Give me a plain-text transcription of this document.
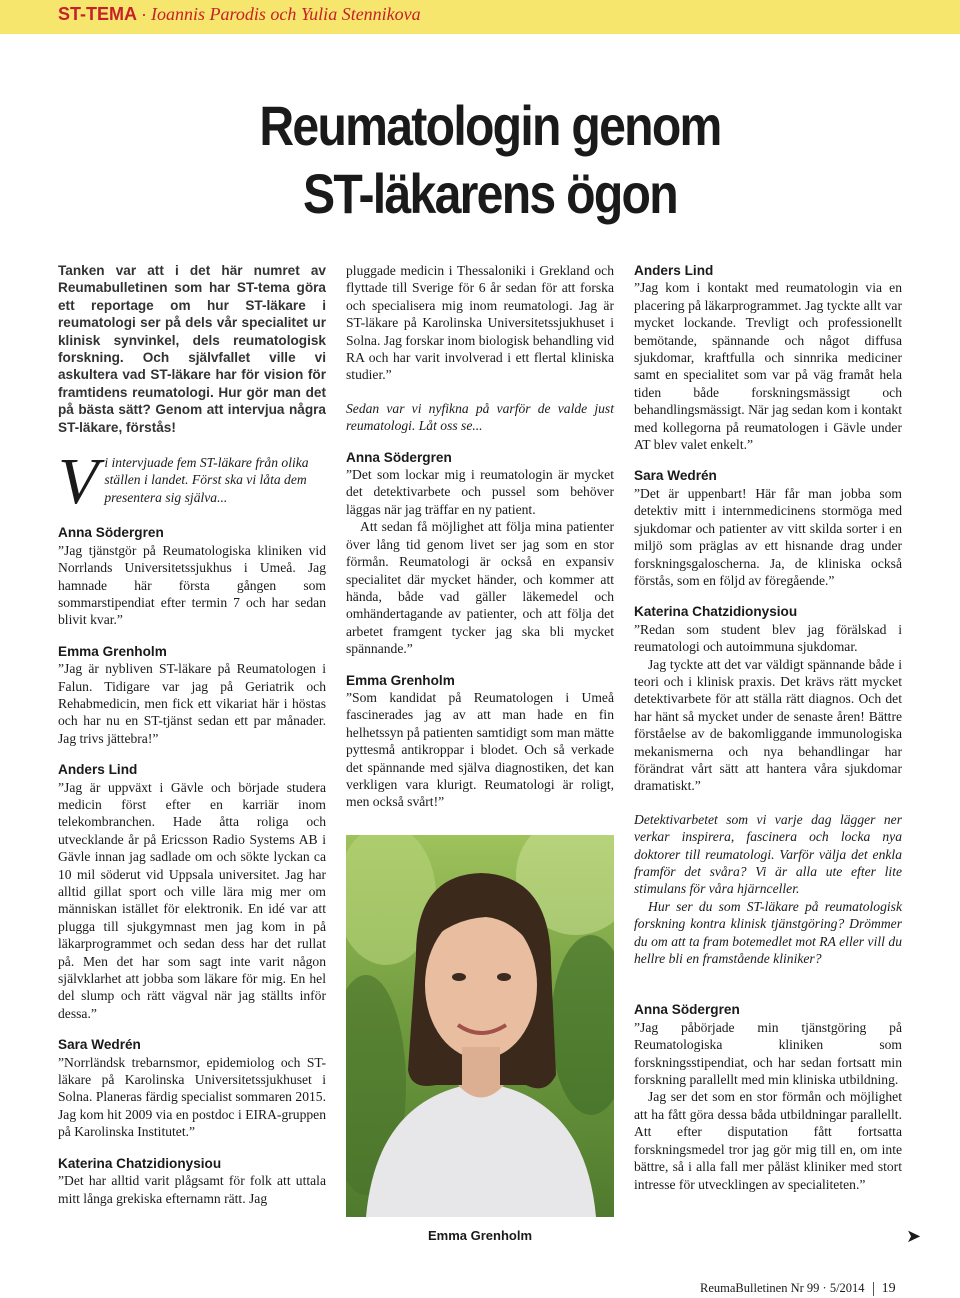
ST-TEMA · Ioannis Parodis och Yulia Stennikova
Reumatologin genom
ST-läkarens ögon

Tanken var att i det här numret av Reumabulletinen som har ST-tema göra ett reportage om hur ST-läkare i reumatologi ser på dels vår specialitet ur klinisk synvinkel, dels reumatologisk forskning. Och självfallet ville vi askultera vad ST-läkare har för vision för framtidens reumatologi. Hur gör man det på bästa sätt? Genom att intervjua några ST-läkare, förstås!

Vi intervjuade fem ST-läkare från olika ställen i landet. Först ska vi låta dem presentera sig själva...
Anna Södergren

”Jag tjänstgör på Reumatologiska kliniken vid Norrlands Universitetssjukhus i Umeå. Jag hamnade här första gången som sommarstipendiat efter termin 7 och har sedan blivit kvar.”

Emma Grenholm

”Jag är nybliven ST-läkare på Reumatologen i Falun. Tidigare var jag på Geriatrik och Rehabmedicin, men fick ett vikariat här i höstas och har nu en ST-tjänst sedan ett par månader. Jag trivs jättebra!”

Anders Lind

”Jag är uppväxt i Gävle och började studera medicin först efter en karriär inom telekombranchen. Hade åtta roliga och utvecklande år på Ericsson Radio Systems AB i Gävle innan jag sadlade om och sökte lyckan ca 10 mil söderut vid Uppsala universitet. Jag har alltid gillat sport och ville lära mig mer om människan istället för elektronik. En idé var att plugga till sjukgymnast men jag kom in på läkarprogrammet och sedan dess har det rullat på. Men det har som sagt inte varit någon självklarhet att jobba som läkare för mig. En hel del slump och rätt vägval när jag ställts inför dessa.”

Sara Wedrén

”Norrländsk trebarnsmor, epidemiolog och ST-läkare på Karolinska Universitetssjukhuset i Solna. Planeras färdig specialist sommaren 2015. Jag kom hit 2009 via en postdoc i EIRA-gruppen på Karolinska Institutet.”

Katerina Chatzidionysiou

”Det har alltid varit plågsamt för folk att uttala mitt långa grekiska efternamn rätt. Jag

pluggade medicin i Thessaloniki i Grekland och flyttade till Sverige för 6 år sedan för att forska och specialisera mig inom reumatologi. Jag är ST-läkare på Karolinska Universitetssjukhuset i Solna. Jag forskar inom biologisk behandling vid RA och har varit involverad i ett flertal kliniska studier.”

Sedan var vi nyfikna på varför de valde just reumatologi. Låt oss se...

Anna Södergren

”Det som lockar mig i reumatologin är mycket det detektivarbete och pussel som behöver läggas när jag träffar en ny patient.

Att sedan få möjlighet att följa mina patienter över lång tid genom livet ser jag som en stor förmån. Reumatologi är också en expansiv specialitet där mycket händer, och kommer att hända, både vad gäller läkemedel och omhändertagande av patienter, och att följa det arbetet framgent tycker jag ska bli mycket spännande.”

Emma Grenholm

”Som kandidat på Reumatologen i Umeå fascinerades jag av att man hade en fin helhetssyn på patienten samtidigt som man mätte pyttesmå antikroppar i blodet. Och så verkade det spännande med själva diagnostiken, det kan verkligen vara klurigt. Reumatologi är roligt, men också svårt!”

Emma Grenholm
Anders Lind

”Jag kom i kontakt med reumatologin via en placering på läkarprogrammet. Jag tyckte allt var mycket lockande. Trevligt och professionellt bemötande, spännande och något diffusa sjukdomar, kraftfulla och sinnrika mediciner samt en specialitet som var på väg framåt hela tiden både forskningsmässigt och behandlingsmässigt. När jag sedan kom i kontakt med kollegorna på reumatologen i Gävle under AT blev valet enkelt.”

Sara Wedrén

”Det är uppenbart! Här får man jobba som detektiv mitt i internmedicinens stormöga med sjukdomar och patienter av vitt skilda sorter i en miljö som präglas av ett hisnande drag under forskningsgaloscherna. Ja, de kliniska också förstås, som en följd av föregående.”

Katerina Chatzidionysiou

”Redan som student blev jag förälskad i reumatologi och autoimmuna sjukdomar.

Jag tyckte att det var väldigt spännande både i teori och i klinisk praxis. Det krävs rätt mycket detektivarbete för att ställa rätt diagnos. Och det har hänt så mycket under de senaste åren! Bättre förståelse av de bakomliggande immunologiska mekanismerna och nya behandlingar har förändrat vårt sätt att hantera våra sjukdomar dramatiskt.”

Detektivarbetet som vi varje dag lägger ner verkar inspirera, fascinera och locka nya doktorer till reumatologi. Varför välja det enkla framför det svåra? Vi är alla ute efter lite stimulans för våra hjärnceller.

Hur ser du som ST-läkare på reumatologisk forskning kontra klinisk tjänstgöring? Drömmer du om att ta fram botemedlet mot RA eller vill du hellre bli en framstående kliniker?

Anna Södergren

”Jag påbörjade min tjänstgöring på Reumatologiska kliniken som forskningsstipendiat, och har sedan fortsatt min forskning parallellt med min kliniska utbildning.

Jag ser det som en stor förmån och möjlighet att ha fått göra dessa båda utbildningar parallellt. Att efter disputation fått fortsatta forskningsmedel tror jag gör mig till en, om inte bättre, så i alla fall mer påläst kliniker med stort intresse för utvecklingen av specialiteten.”

➤
ReumaBulletinen Nr 99 · 5/2014 19
